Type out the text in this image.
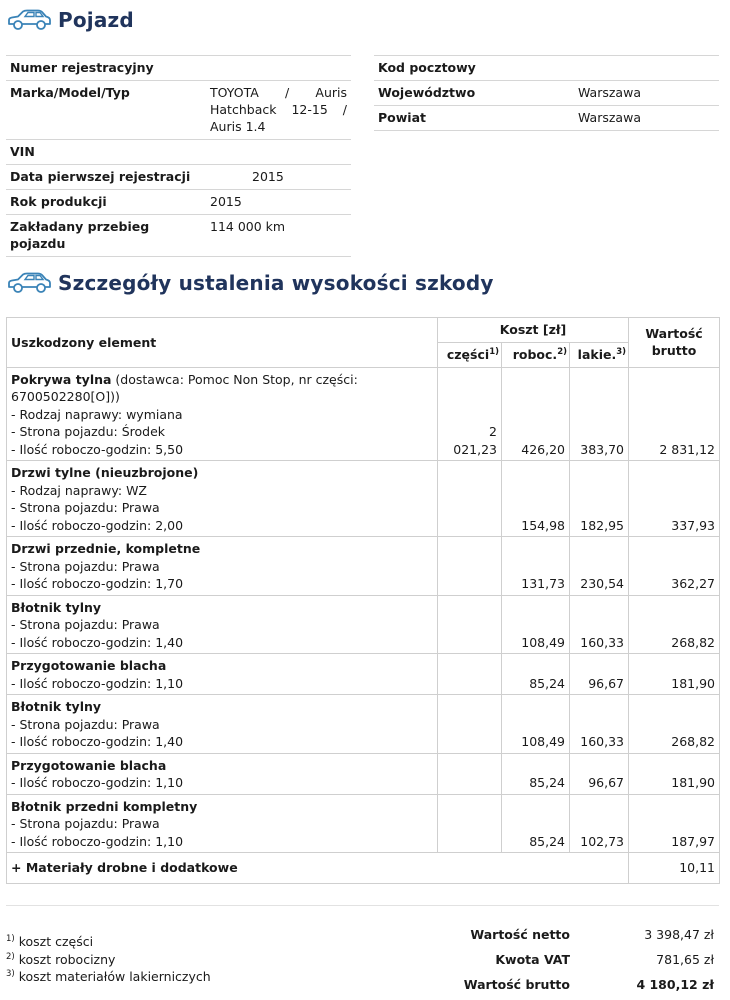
Pojazd
Numer rejestracyjny	
Marka/Model/Typ	TOYOTA / Auris Hatchback 12-15 / Auris 1.4
VIN	
Data pierwszej rejestracji	2015
Rok produkcji	2015
Zakładany przebieg pojazdu	114 000 km
Kod pocztowy	
Województwo	Warszawa
Powiat	Warszawa
Szczegóły ustalenia wysokości szkody
Uszkodzony element	Koszt [zł]			Wartość brutto
	części$^{1)}$	roboc.$^{2)}$	lakie.$^{3)}$
Pokrywa tylna (dostawca: Pomoc Non Stop, nr części: 6700502280[O]))
- Rodzaj naprawy: wymiana
- Strona pojazdu: Środek
- Ilość roboczo-godzin: 5,50	2 021,23	426,20	383,70	2 831,12
Drzwi tylne (nieuzbrojone)
- Rodzaj naprawy: WZ
- Strona pojazdu: Prawa
- Ilość roboczo-godzin: 2,00		154,98	182,95	337,93
Drzwi przednie, kompletne
- Strona pojazdu: Prawa
- Ilość roboczo-godzin: 1,70		131,73	230,54	362,27
Błotnik tylny
- Strona pojazdu: Prawa
- Ilość roboczo-godzin: 1,40		108,49	160,33	268,82
Przygotowanie blacha
- Ilość roboczo-godzin: 1,10		85,24	96,67	181,90
Błotnik tylny
- Strona pojazdu: Prawa
- Ilość roboczo-godzin: 1,40		108,49	160,33	268,82
Przygotowanie blacha
- Ilość roboczo-godzin: 1,10		85,24	96,67	181,90
Błotnik przedni kompletny
- Strona pojazdu: Prawa
- Ilość roboczo-godzin: 1,10		85,24	102,73	187,97
+ Materiały drobne i dodatkowe				10,11
$^{1)}$ koszt części
$^{2)}$ koszt robocizny
$^{3)}$ koszt materiałów lakierniczych
Wartość netto	3 398,47 zł
Kwota VAT	781,65 zł
Wartość brutto	4 180,12 zł
